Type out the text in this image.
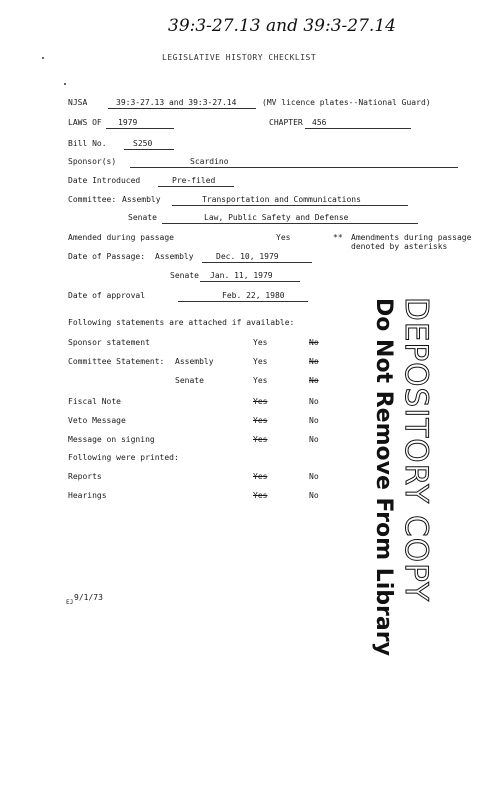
39:3-27.13 and 39:3-27.14
LEGISLATIVE HISTORY CHECKLIST
NJSA	39:3-27.13 and 39:3-27.14	(MV licence plates--National Guard)
LAWS OF 1979	CHAPTER 456
Bill No.	S250
Sponsor(s)	Scardino
Date Introduced	Pre-filed
Committee: Assembly	Transportation and Communications
Senate	Law, Public Safety and Defense
Amended during passage	Yes	** Amendments during passage
denoted by asterisks
Date of Passage: Assembly	Dec. 10, 1979
Senate Jan. 11, 1979
Date of approval	Feb. 22, 1980
Following statements are attached if available:
Sponsor statement	Yes	No
Committee Statement: Assembly	Yes	No
Senate	Yes	No
Fiscal Note	Yes	No
Veto Message	Yes	No
Message on signing	Yes	No
Following were printed:
Reports	Yes	No
Hearings	Yes	No	DEPOSITORY COPY
Do Not Remove From Library
EJ
9/1/73
